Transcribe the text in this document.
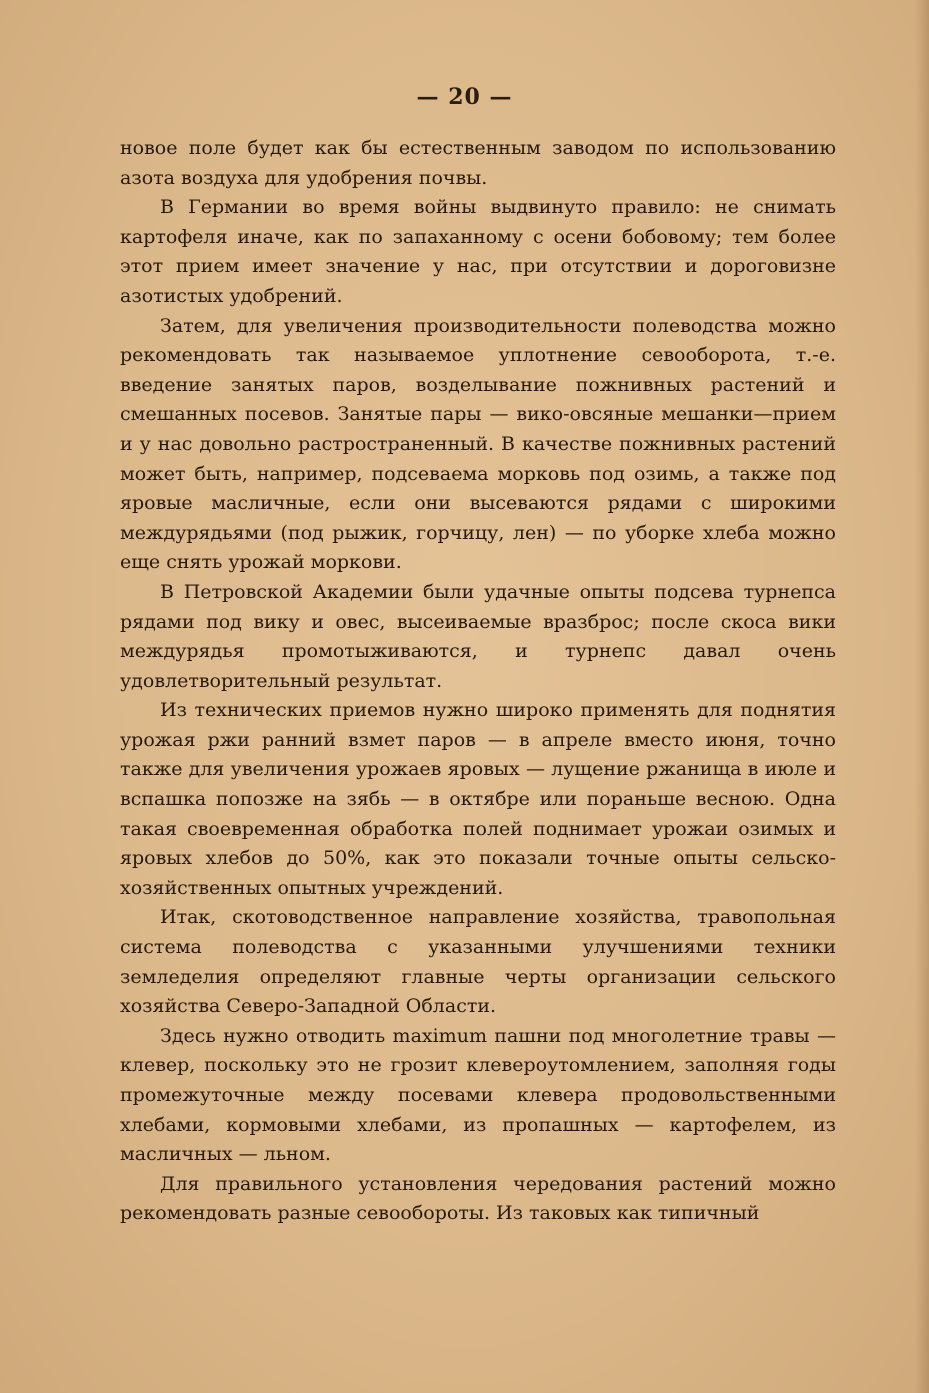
— 20 —

новое поле будет как бы естественным заводом по использованию азота воздуха для удобрения почвы.

В Германии во время войны выдвинуто правило: не снимать картофеля иначе, как по запаханному с осени бобовому; тем более этот прием имеет значение у нас, при отсутствии и дороговизне азотистых удобрений.

Затем, для увеличения производительности полеводства можно рекомендовать так называемое уплотнение севооборота, т.-е. введение занятых паров, возделывание пожнивных растений и смешанных посевов. Занятые пары — вико-овсяные мешанки—прием и у нас довольно растространенный. В качестве пожнивных растений может быть, например, подсеваема морковь под озимь, а также под яровые масличные, если они высеваются рядами с широкими междурядьями (под рыжик, горчицу, лен) — по уборке хлеба можно еще снять урожай моркови.

В Петровской Академии были удачные опыты подсева турнепса рядами под вику и овес, высеиваемые вразброс; после скоса вики междурядья промотыживаются, и турнепс давал очень удовлетворительный результат.

Из технических приемов нужно широко применять для поднятия урожая ржи ранний взмет паров — в апреле вместо июня, точно также для увеличения урожаев яровых — лущение ржанища в июле и вспашка попозже на зябь — в октябре или пораньше весною. Одна такая своевременная обработка полей поднимает урожаи озимых и яровых хлебов до 50%, как это показали точные опыты сельско-хозяйственных опытных учреждений.

Итак, скотоводственное направление хозяйства, травопольная система полеводства с указанными улучшениями техники земледелия определяют главные черты организации сельского хозяйства Северо-Западной Области.

Здесь нужно отводить maximum пашни под многолетние травы — клевер, поскольку это не грозит клевероутомлением, заполняя годы промежуточные между посевами клевера продовольственными хлебами, кормовыми хлебами, из пропашных — картофелем, из масличных — льном.

Для правильного установления чередования растений можно рекомендовать разные севообороты. Из таковых как типичный
